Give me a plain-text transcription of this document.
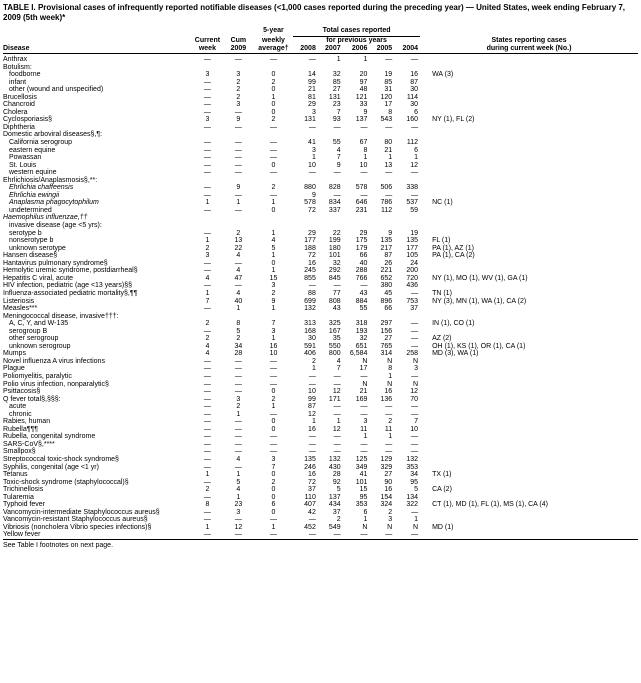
TABLE I. Provisional cases of infrequently reported notifiable diseases (<1,000 cases reported during the preceding year) — United States, week ending February 7, 2009 (5th week)*
			5-year	Total cases reported					
	Current	Cum	weekly	for previous years					States reporting cases
Disease	week	2009	average†	2008	2007	2006	2005	2004	during current week (No.)
Anthrax	—	—	—	—	1	1	—	—	
Botulism:									
foodborne	3	3	0	14	32	20	19	16	WA (3)
infant	—	2	2	99	85	97	85	87	
other (wound and unspecified)	—	2	0	21	27	48	31	30	
Brucellosis	—	2	1	81	131	121	120	114	
Chancroid	—	3	0	29	23	33	17	30	
Cholera	—	—	0	3	7	9	8	6	
Cyclosporiasis§	3	9	2	131	93	137	543	160	NY (1), FL (2)
Diphtheria	—	—	—	—	—	—	—	—	
Domestic arboviral diseases§,¶:									
California serogroup	—	—	—	41	55	67	80	112	
eastern equine	—	—	—	3	4	8	21	6	
Powassan	—	—	—	1	7	1	1	1	
St. Louis	—	—	0	10	9	10	13	12	
western equine	—	—	—	—	—	—	—	—	
Ehrlichiosis/Anaplasmosis§,**:									
Ehrlichia chaffeensis	—	9	2	880	828	578	506	338	
Ehrlichia ewingii	—	—	—	9	—	—	—	—	
Anaplasma phagocytophilum	1	1	1	578	834	646	786	537	NC (1)
undetermined	—	—	0	72	337	231	112	59	
Haemophilus influenzae,††									
invasive disease (age <5 yrs):									
serotype b	—	2	1	29	22	29	9	19	
nonserotype b	1	13	4	177	199	175	135	135	FL (1)
unknown serotype	2	22	5	188	180	179	217	177	PA (1), AZ (1)
Hansen disease§	3	4	1	72	101	66	87	105	PA (1), CA (2)
Hantavirus pulmonary syndrome§	—	—	0	16	32	40	26	24	
Hemolytic uremic syndrome, postdiarrheal§	—	4	1	245	292	288	221	200	
Hepatitis C viral, acute	4	47	15	855	845	766	652	720	NY (1), MO (1), WV (1), GA (1)
HIV infection, pediatric (age <13 years)§§	—	—	3	—	—	—	380	436	
Influenza-associated pediatric mortality§,¶¶	1	4	2	88	77	43	45	—	TN (1)
Listeriosis	7	40	9	699	808	884	896	753	NY (3), MN (1), WA (1), CA (2)
Measles***	—	1	1	132	43	55	66	37	
Meningococcal disease, invasive†††:									
A, C, Y, and W-135	2	8	7	313	325	318	297	—	IN (1), CO (1)
serogroup B	—	5	3	168	167	193	156	—	
other serogroup	2	2	1	30	35	32	27	—	AZ (2)
unknown serogroup	4	34	16	591	550	651	765	—	OH (1), KS (1), OR (1), CA (1)
Mumps	4	28	10	406	800	6,584	314	258	MD (3), WA (1)
Novel influenza A virus infections	—	—	—	2	4	N	N	N	
Plague	—	—	—	1	7	17	8	3	
Poliomyelitis, paralytic	—	—	—	—	—	—	1	—	
Polio virus infection, nonparalytic§	—	—	—	—	—	N	N	N	
Psittacosis§	—	—	0	10	12	21	16	12	
Q fever total§,§§§:	—	3	2	99	171	169	136	70	
acute	—	2	1	87	—	—	—	—	
chronic	—	1	—	12	—	—	—	—	
Rabies, human	—	—	0	1	1	3	2	7	
Rubella¶¶¶	—	—	0	16	12	11	11	10	
Rubella, congenital syndrome	—	—	—	—	—	1	1	—	
SARS-CoV§,****	—	—	—	—	—	—	—	—	
Smallpox§	—	—	—	—	—	—	—	—	
Streptococcal toxic-shock syndrome§	—	4	3	135	132	125	129	132	
Syphilis, congenital (age <1 yr)	—	—	7	246	430	349	329	353	
Tetanus	1	1	0	16	28	41	27	34	TX (1)
Toxic-shock syndrome (staphylococcal)§	—	5	2	72	92	101	90	95	
Trichinellosis	2	4	0	37	5	15	16	5	CA (2)
Tularemia	—	1	0	110	137	95	154	134	
Typhoid fever	8	23	6	407	434	353	324	322	CT (1), MD (1), FL (1), MS (1), CA (4)
Vancomycin-intermediate Staphylococcus aureus§	—	3	0	42	37	6	2	—	
Vancomycin-resistant Staphylococcus aureus§	—	—	—	—	2	1	3	1	
Vibriosis (noncholera Vibrio species infections)§	1	12	1	452	549	N	N	N	MD (1)
Yellow fever	—	—	—	—	—	—	—	—	
See Table I footnotes on next page.
